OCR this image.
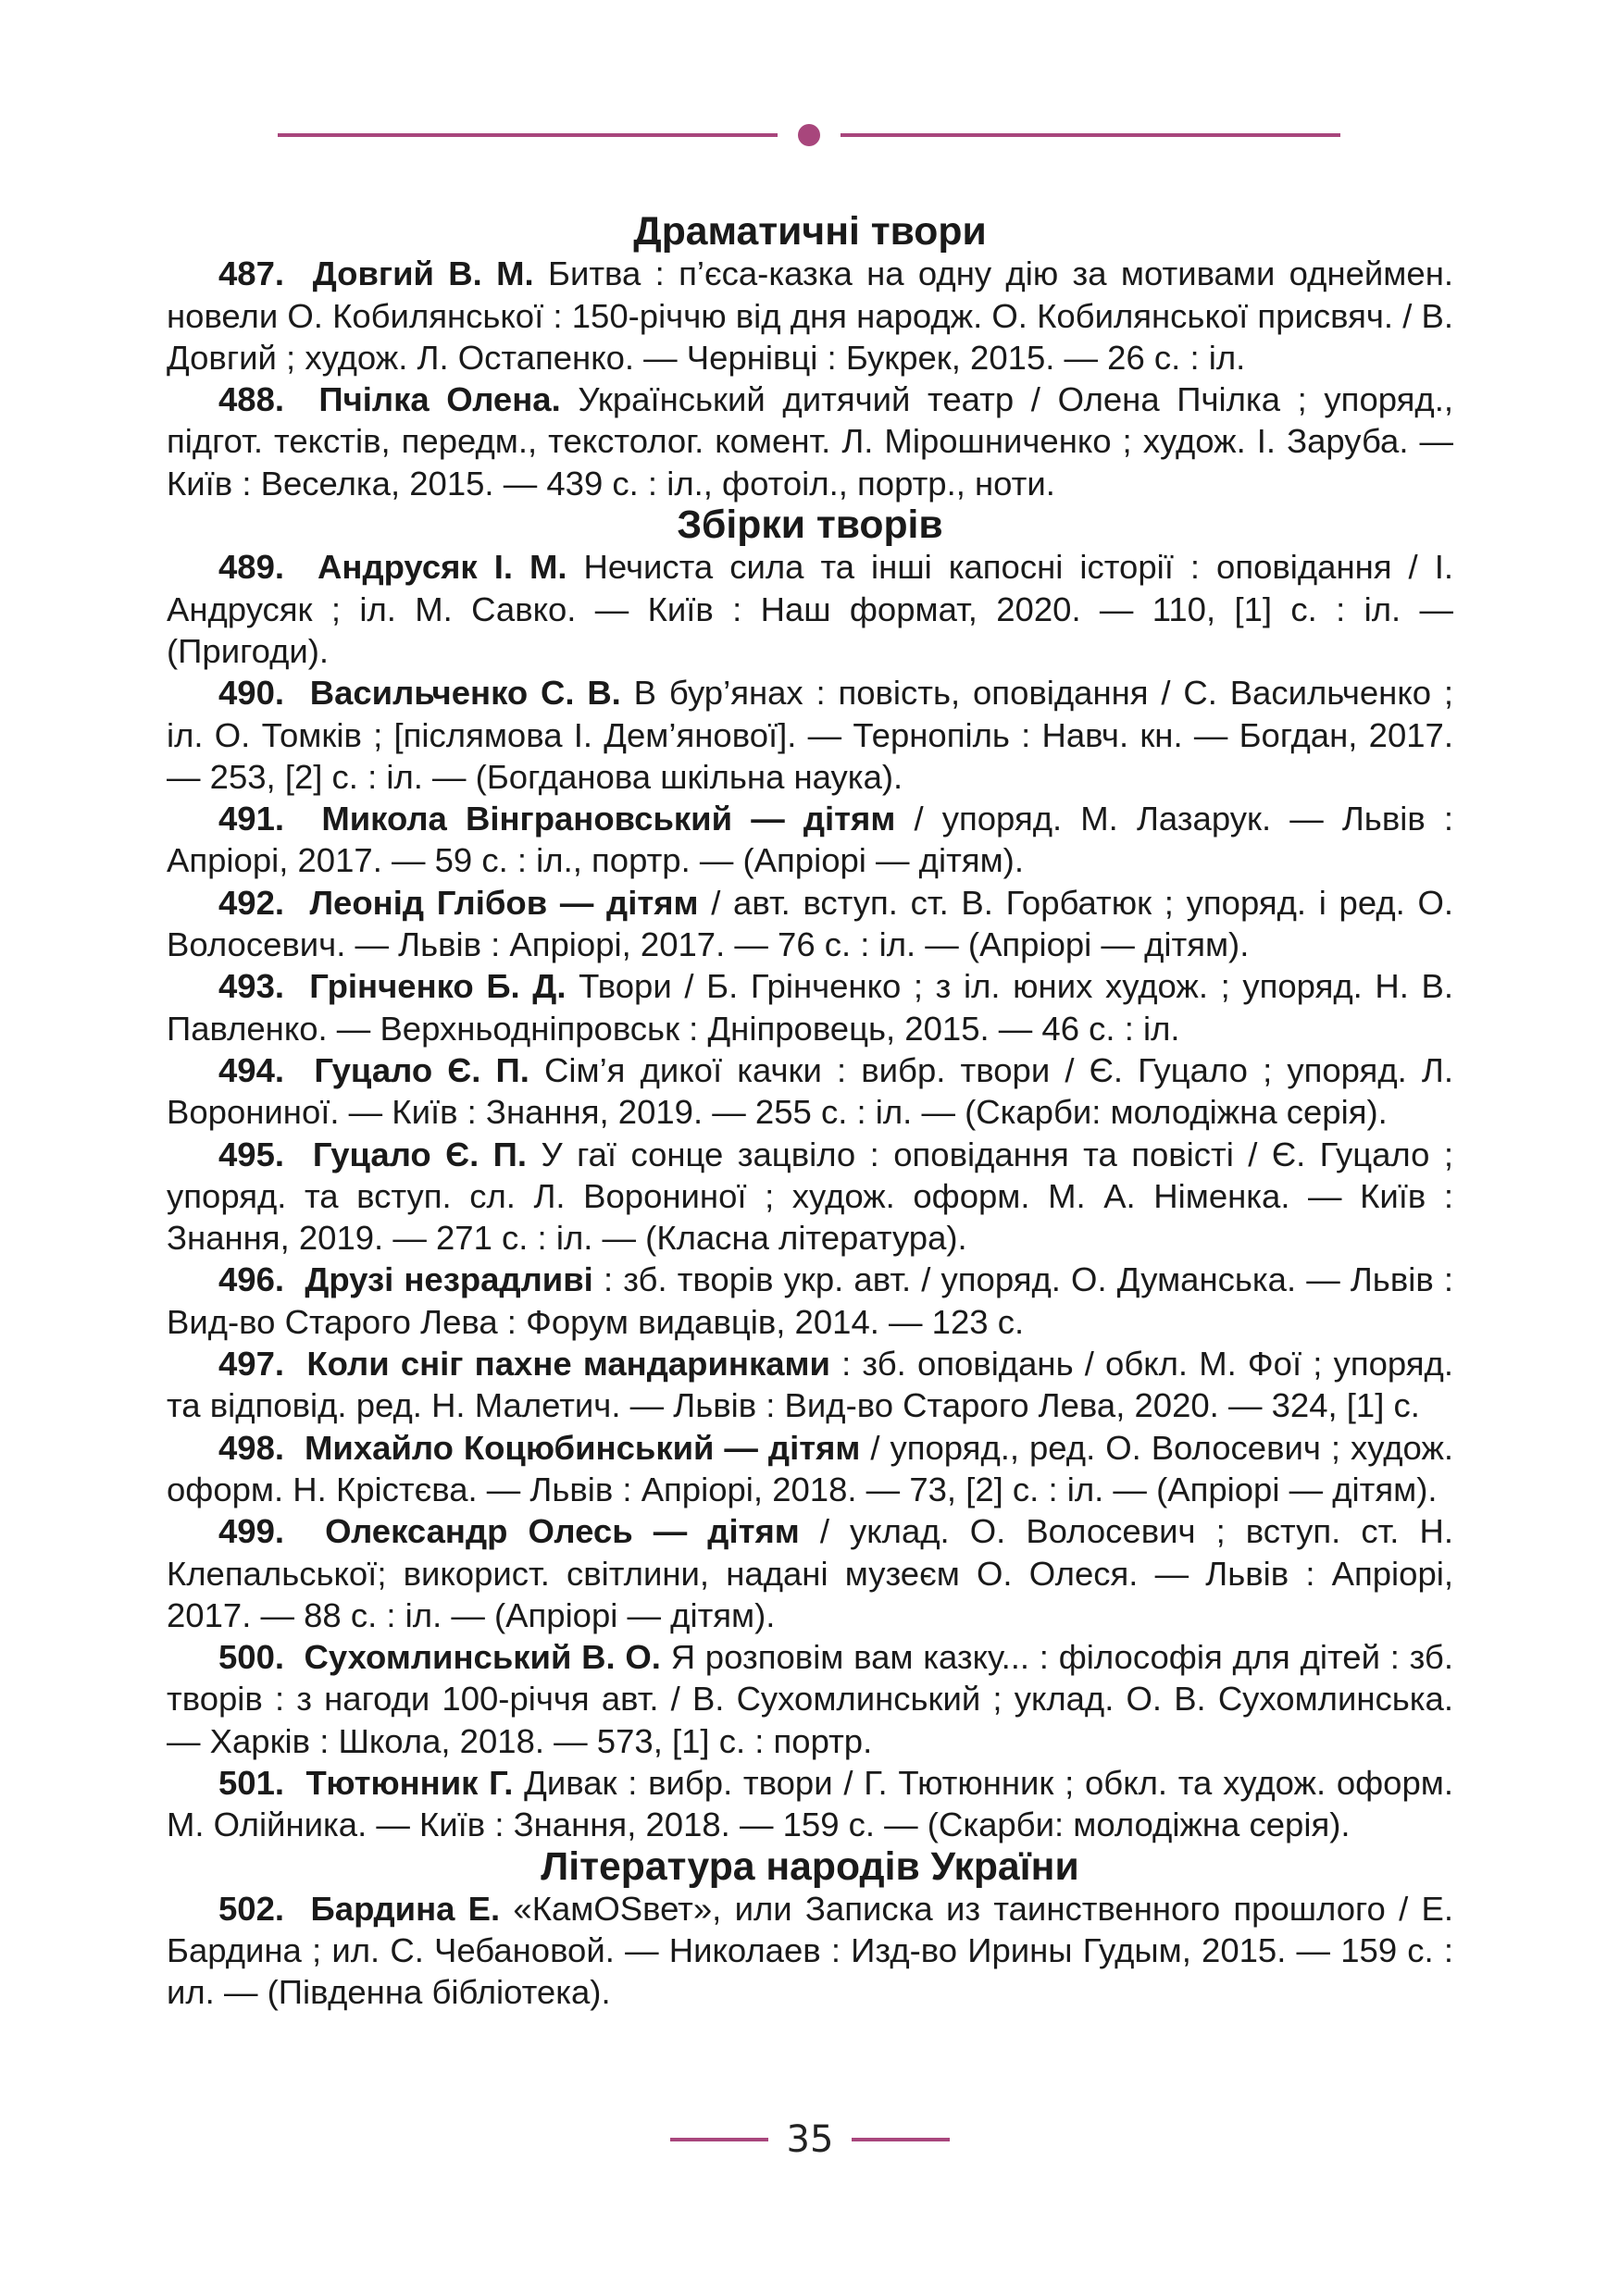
Драматичні твори

487. Довгий В. М. Битва : п’єса-казка на одну дію за мотивами однеймен. новели О. Кобилянської : 150-річчю від дня народж. О. Кобилянської присвяч. / В. Довгий ; худож. Л. Остапенко. — Чернівці : Букрек, 2015. — 26 с. : іл.

488. Пчілка Олена. Український дитячий театр / Олена Пчілка ; упоряд., підгот. текстів, передм., текстолог. комент. Л. Мірошниченко ; худож. І. Заруба. — Київ : Веселка, 2015. — 439 с. : іл., фотоіл., портр., ноти.

Збірки творів

489. Андрусяк І. М. Нечиста сила та інші капосні історії : оповідання / І. Андрусяк ; іл. М. Савко. — Київ : Наш формат, 2020. — 110, [1] с. : іл. — (Пригоди).

490. Васильченко С. В. В бур’янах : повість, оповідання / С. Васильченко ; іл. О. Томків ; [післямова І. Дем’янової]. — Тернопіль : Навч. кн. — Богдан, 2017. — 253, [2] с. : іл. — (Богданова шкільна наука).

491. Микола Вінграновський — дітям / упоряд. М. Лазарук. — Львів : Апріорі, 2017. — 59 с. : іл., портр. — (Апріорі — дітям).

492. Леонід Глібов — дітям / авт. вступ. ст. В. Горбатюк ; упоряд. і ред. О. Волосевич. — Львів : Апріорі, 2017. — 76 с. : іл. — (Апріорі — дітям).

493. Грінченко Б. Д. Твори / Б. Грінченко ; з іл. юних худож. ; упоряд. Н. В. Павленко. — Верхньодніпровськ : Дніпровець, 2015. — 46 с. : іл.

494. Гуцало Є. П. Сім’я дикої качки : вибр. твори / Є. Гуцало ; упоряд. Л. Ворониної. — Київ : Знання, 2019. — 255 с. : іл. — (Скарби: молодіжна серія).

495. Гуцало Є. П. У гаї сонце зацвіло : оповідання та повісті / Є. Гуцало ; упоряд. та вступ. сл. Л. Ворониної ; худож. оформ. М. А. Німенка. — Київ : Знання, 2019. — 271 с. : іл. — (Класна література).

496. Друзі незрадливі : зб. творів укр. авт. / упоряд. О. Думанська. — Львів : Вид-во Старого Лева : Форум видавців, 2014. — 123 с.

497. Коли сніг пахне мандаринками : зб. оповідань / обкл. М. Фої ; упоряд. та відповід. ред. Н. Малетич. — Львів : Вид-во Старого Лева, 2020. — 324, [1] с.

498. Михайло Коцюбинський — дітям / упоряд., ред. О. Волосевич ; худож. оформ. Н. Крістєва. — Львів : Апріорі, 2018. — 73, [2] с. : іл. — (Апріорі — дітям).

499. Олександр Олесь — дітям / уклад. О. Волосевич ; вступ. ст. Н. Клепальської; використ. світлини, надані музеєм О. Олеся. — Львів : Апріорі, 2017. — 88 с. : іл. — (Апріорі — дітям).

500. Сухомлинський В. О. Я розповім вам казку... : філософія для дітей : зб. творів : з нагоди 100-річчя авт. / В. Сухомлинський ; уклад. О. В. Сухомлинська. — Харків : Школа, 2018. — 573, [1] с. : портр.

501. Тютюнник Г. Дивак : вибр. твори / Г. Тютюнник ; обкл. та худож. оформ. М. Олійника. — Київ : Знання, 2018. — 159 с. — (Скарби: молодіжна серія).

Література народів України

502. Бардина Е. «КамОSвет», или Записка из таинственного прошлого / Е. Бардина ; ил. С. Чебановой. — Николаев : Изд-во Ирины Гудым, 2015. — 159 с. : ил. — (Південна бібліотека).

35
